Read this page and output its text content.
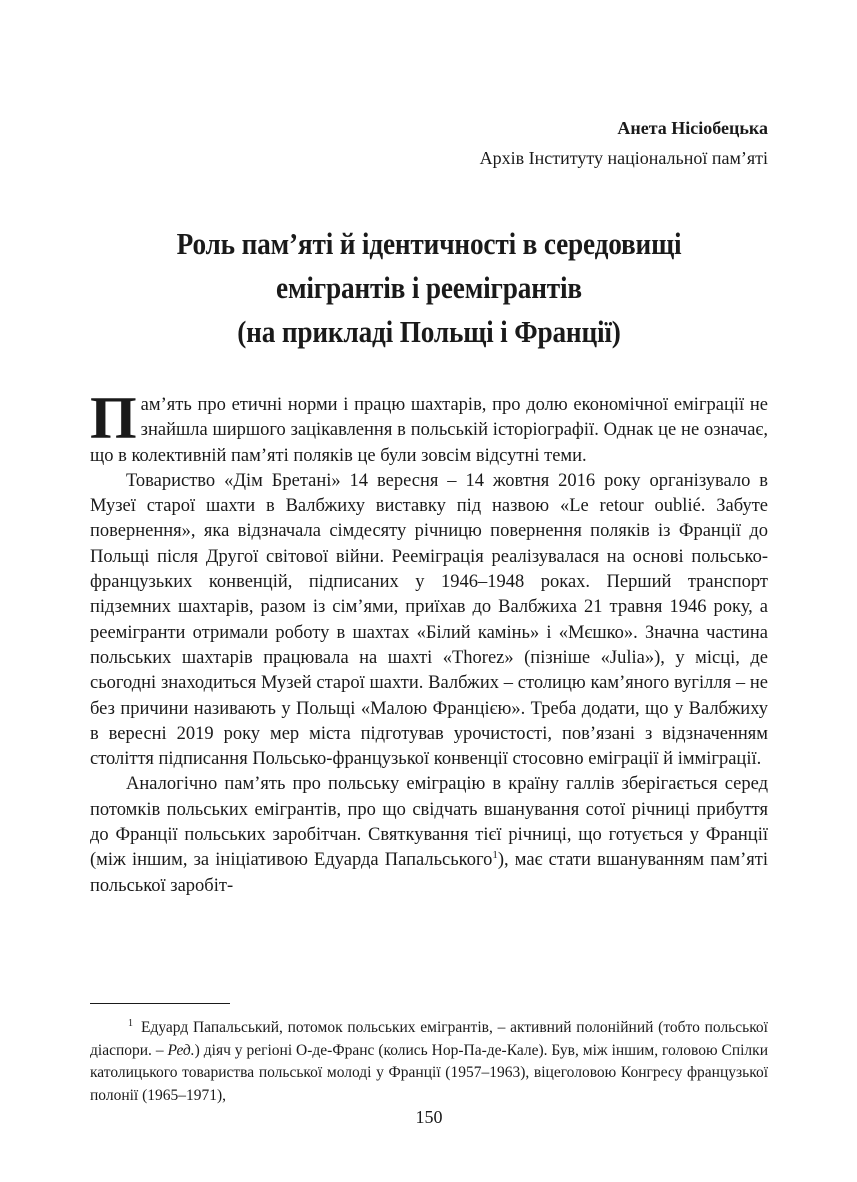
Анета Нісіобецька
Архів Інституту національної пам’яті
Роль пам’яті й ідентичності в середовищі
емігрантів і реемігрантів
(на прикладі Польщі і Франції)

Пам’ять про етичні норми і працю шахтарів, про долю економічної еміграції не знайшла ширшого зацікавлення в польській історіографії. Однак це не означає, що в колективній пам’яті поляків це були зовсім відсутні теми.

Товариство «Дім Бретані» 14 вересня – 14 жовтня 2016 року організувало в Музеї старої шахти в Валбжиху виставку під назвою «Le retour oublié. Забуте повернення», яка відзначала сімдесяту річницю повернення поляків із Франції до Польщі після Другої світової війни. Реемiграція реалізувалася на основі польсько-французьких конвенцій, підписаних у 1946–1948 роках. Перший транспорт підземних шахтарів, разом із сім’ями, приїхав до Валбжиха 21 травня 1946 року, а реемігранти отримали роботу в шахтах «Білий камінь» і «Мєшко». Значна частина польських шахтарів працювала на шахті «Thorez» (пізніше «Julia»), у місці, де сьогодні знаходиться Музей старої шахти. Валбжих – столицю кам’яного вугілля – не без причини називають у Польщі «Малою Францією». Треба додати, що у Валбжиху в вересні 2019 року мер міста підготував урочистості, пов’язані з відзначенням століття підписання Польсько-французької конвенції стосовно еміграції й імміграції.

Аналогічно пам’ять про польську еміграцію в країну галлів зберігається серед потомків польських емігрантів, про що свідчать вшанування сотої річниці прибуття до Франції польських заробітчан. Святкування тієї річниці, що готується у Франції (між іншим, за ініціативою Едуарда Папальського$^1$), має стати вшануванням пам’яті польської заробіт-

$^1$ Едуард Папальський, потомок польських емігрантів, – активний полонійний (тобто польської діаспори. – Ред.) діяч у регіоні О-де-Франс (колись Нор-Па-де-Кале). Був, між іншим, головою Спілки католицького товариства польської молоді у Франції (1957–1963), віцеголовою Конгресу французької полонії (1965–1971),
150
